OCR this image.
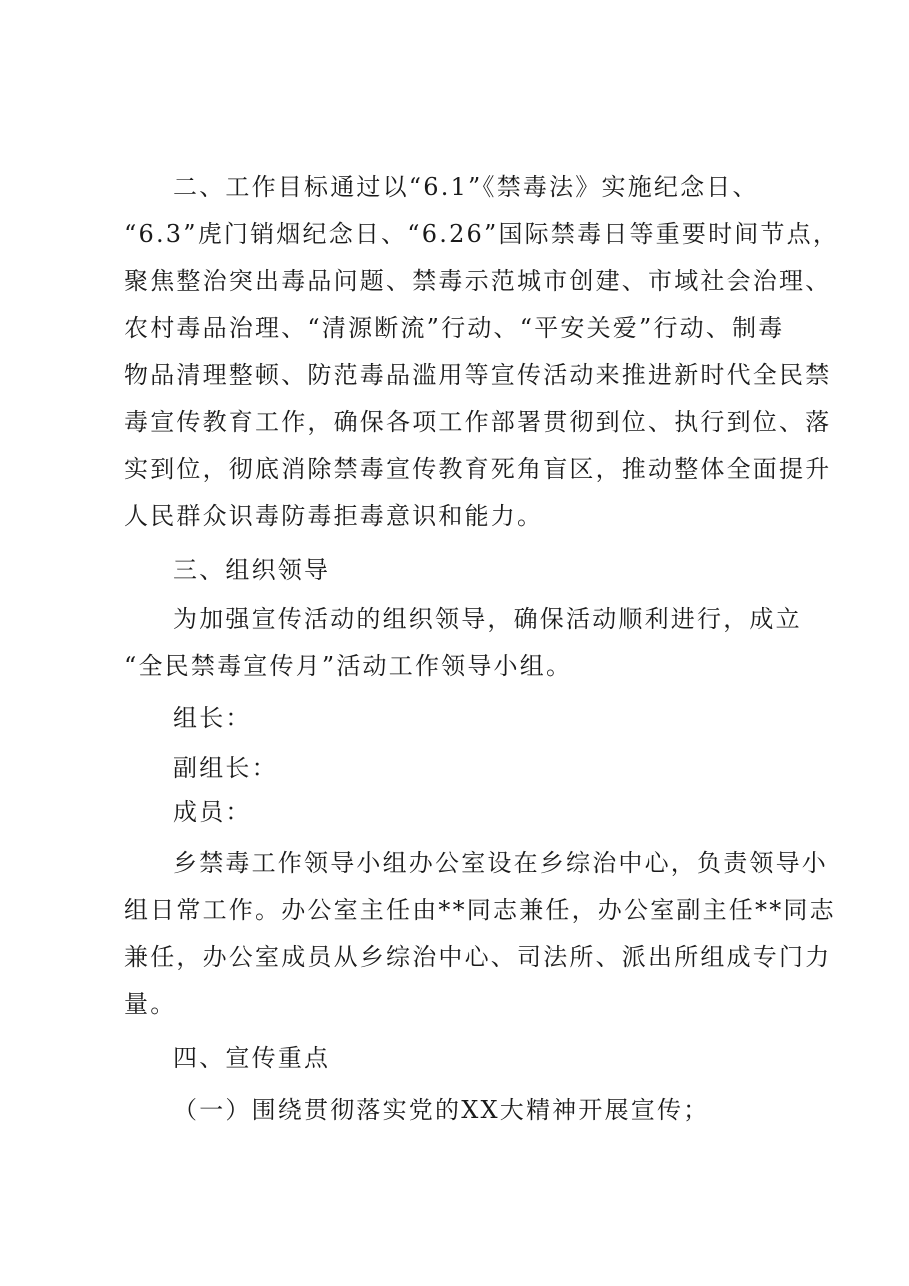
二、工作目标通过以“6.1”《禁毒法》实施纪念日、

“6.3”虎门销烟纪念日、“6.26”国际禁毒日等重要时间节点，

聚焦整治突出毒品问题、禁毒示范城市创建、市域社会治理、

农村毒品治理、“清源断流”行动、“平安关爱”行动、制毒

物品清理整顿、防范毒品滥用等宣传活动来推进新时代全民禁

毒宣传教育工作，确保各项工作部署贯彻到位、执行到位、落

实到位，彻底消除禁毒宣传教育死角盲区，推动整体全面提升

人民群众识毒防毒拒毒意识和能力。

三、组织领导

为加强宣传活动的组织领导，确保活动顺利进行，成立

“全民禁毒宣传月”活动工作领导小组。

组长：

副组长：

成员：

乡禁毒工作领导小组办公室设在乡综治中心，负责领导小

组日常工作。办公室主任由**同志兼任，办公室副主任**同志

兼任，办公室成员从乡综治中心、司法所、派出所组成专门力

量。

四、宣传重点

（一）围绕贯彻落实党的XX大精神开展宣传；
